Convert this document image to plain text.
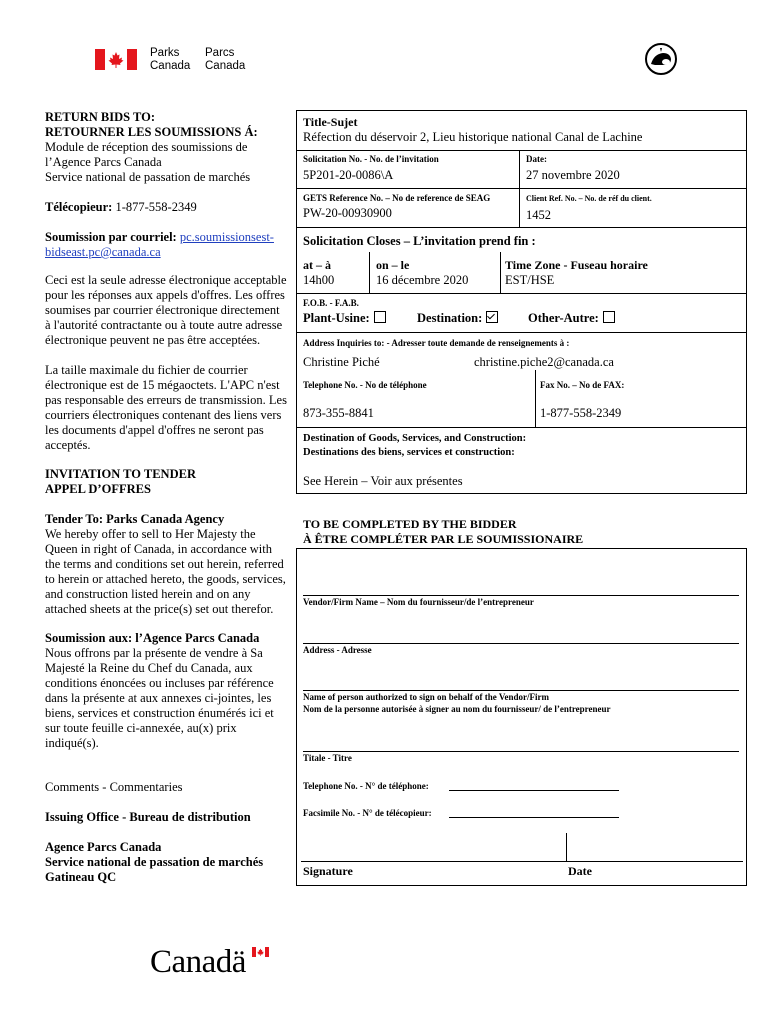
Parks
Canada
Parcs
Canada
RETURN BIDS TO:
RETOURNER LES SOUMISSIONS Á:
Module de réception des soumissions de
l’Agence Parcs Canada
Service national de passation de marchés
Télécopieur: 1-877-558-2349
Soumission par courriel: pc.soumissionsest-
bidseast.pc@canada.ca
Ceci est la seule adresse électronique acceptable
pour les réponses aux appels d'offres. Les offres
soumises par courrier électronique directement
à l'autorité contractante ou à toute autre adresse
électronique peuvent ne pas être acceptées.
La taille maximale du fichier de courrier
électronique est de 15 mégaoctets. L'APC n'est
pas responsable des erreurs de transmission. Les
courriers électroniques contenant des liens vers
les documents d'appel d'offres ne seront pas
acceptés.
INVITATION TO TENDER
APPEL D’OFFRES
Tender To: Parks Canada Agency
We hereby offer to sell to Her Majesty the
Queen in right of Canada, in accordance with
the terms and conditions set out herein, referred
to herein or attached hereto, the goods, services,
and construction listed herein and on any
attached sheets at the price(s) set out therefor.
Soumission aux: l’Agence Parcs Canada
Nous offrons par la présente de vendre à Sa
Majesté la Reine du Chef du Canada, aux
conditions énoncées ou incluses par référence
dans la présente at aux annexes ci-jointes, les
biens, services et construction énumérés ici et
sur toute feuille ci-annexée, au(x) prix
indiqué(s).
Comments - Commentaries
Issuing Office - Bureau de distribution
Agence Parcs Canada
Service national de passation de marchés
Gatineau QC
Title-Sujet
Réfection du déservoir 2, Lieu historique national Canal de Lachine
Solicitation No. - No. de l’invitation
5P201-20-0086\A
Date:
27 novembre 2020
GETS Reference No. – No de reference de SEAG
PW-20-00930900
Client Ref. No. – No. de réf du client.
1452
Solicitation Closes – L’invitation prend fin :
at – à
14h00
on – le
16 décembre 2020
Time Zone - Fuseau horaire
EST/HSE
F.O.B. - F.A.B.
Plant-Usine:	Destination:	Other-Autre:
Address Inquiries to: - Adresser toute demande de renseignements à :
Christine Piché	christine.piche2@canada.ca
Telephone No. - No de téléphone	Fax No. – No de FAX:
873-355-8841	1-877-558-2349
Destination of Goods, Services, and Construction:
Destinations des biens, services et construction:
See Herein – Voir aux présentes
TO BE COMPLETED BY THE BIDDER
À ÊTRE COMPLÉTER PAR LE SOUMISSIONAIRE
Vendor/Firm Name – Nom du fournisseur/de l’entrepreneur
Address - Adresse
Name of person authorized to sign on behalf of the Vendor/Firm
Nom de la personne autorisée à signer au nom du fournisseur/ de l’entrepreneur
Titale - Titre
Telephone No. - N° de téléphone:
Facsimile No. - N° de télécopieur:
Signature	Date
Canadä
